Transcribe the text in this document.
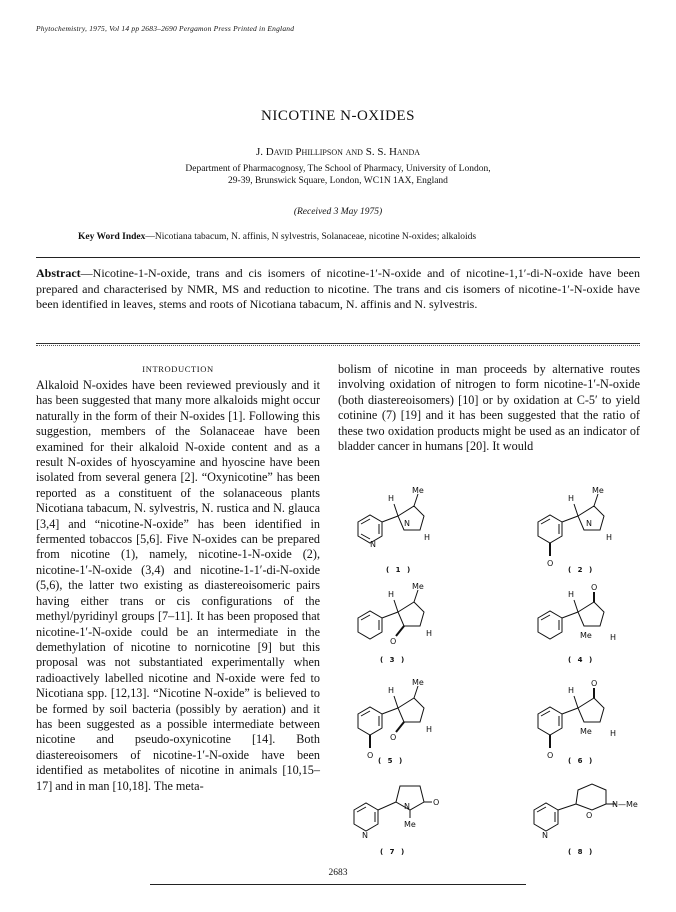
Phytochemistry, 1975, Vol 14 pp 2683–2690 Pergamon Press Printed in England
NICOTINE N-OXIDES
J. David Phillipson and S. S. Handa
Department of Pharmacognosy, The School of Pharmacy, University of London,
29-39, Brunswick Square, London, WC1N 1AX, England
(Received 3 May 1975)
Key Word Index—Nicotiana tabacum, N. affinis, N sylvestris, Solanaceae, nicotine N-oxides; alkaloids
Abstract—Nicotine-1-N-oxide, trans and cis isomers of nicotine-1′-N-oxide and of nicotine-1,1′-di-N-oxide have been prepared and characterised by NMR, MS and reduction to nicotine. The trans and cis isomers of nicotine-1′-N-oxide have been identified in leaves, stems and roots of Nicotiana tabacum, N. affinis and N. sylvestris.
INTRODUCTION
Alkaloid N-oxides have been reviewed previously and it has been suggested that many more alkaloids might occur naturally in the form of their N-oxides [1]. Following this suggestion, members of the Solanaceae have been examined for their alkaloid N-oxide content and as a result N-oxides of hyoscyamine and hyoscine have been isolated from several genera [2]. “Oxynicotine” has been reported as a constituent of the solanaceous plants Nicotiana tabacum, N. sylvestris, N. rustica and N. glauca [3,4] and “nicotine-N-oxide” has been identified in fermented tobaccos [5,6]. Five N-oxides can be prepared from nicotine (1), namely, nicotine-1-N-oxide (2), nicotine-1′-N-oxide (3,4) and nicotine-1-1′-di-N-oxide (5,6), the latter two existing as diastereoisomeric pairs having either trans or cis configurations of the methyl/pyridinyl groups [7–11]. It has been proposed that nicotine-1′-N-oxide could be an intermediate in the demethylation of nicotine to nornicotine [9] but this proposal was not substantiated experimentally when radioactively labelled nicotine and N-oxide were fed to Nicotiana spp. [12,13]. “Nicotine N-oxide” is believed to be formed by soil bacteria (possibly by aeration) and it has been suggested as a possible intermediate between nicotine and pseudo-oxynicotine [14]. Both diastereoisomers of nicotine-1′-N-oxide have been identified as metabolites of nicotine in animals [10,15–17] and in man [10,18]. The meta-
bolism of nicotine in man proceeds by alternative routes involving oxidation of nitrogen to form nicotine-1′-N-oxide (both diastereoisomers) [10] or by oxidation at C-5′ to yield cotinine (7) [19] and it has been suggested that the ratio of these two oxidation products might be used as an indicator of bladder cancer in humans [20]. It would
H
Me
N
N
H
( 1 )
H
Me
O
N
H
( 2 )
H
Me
O
H
( 3 )
H
O
Me H
( 4 )
H
Me
O
O
H
( 5 )
H
O
O
Me H
( 6 )
N
N	O
Me
( 7 )
N
O
N—Me
( 8 )
2683
